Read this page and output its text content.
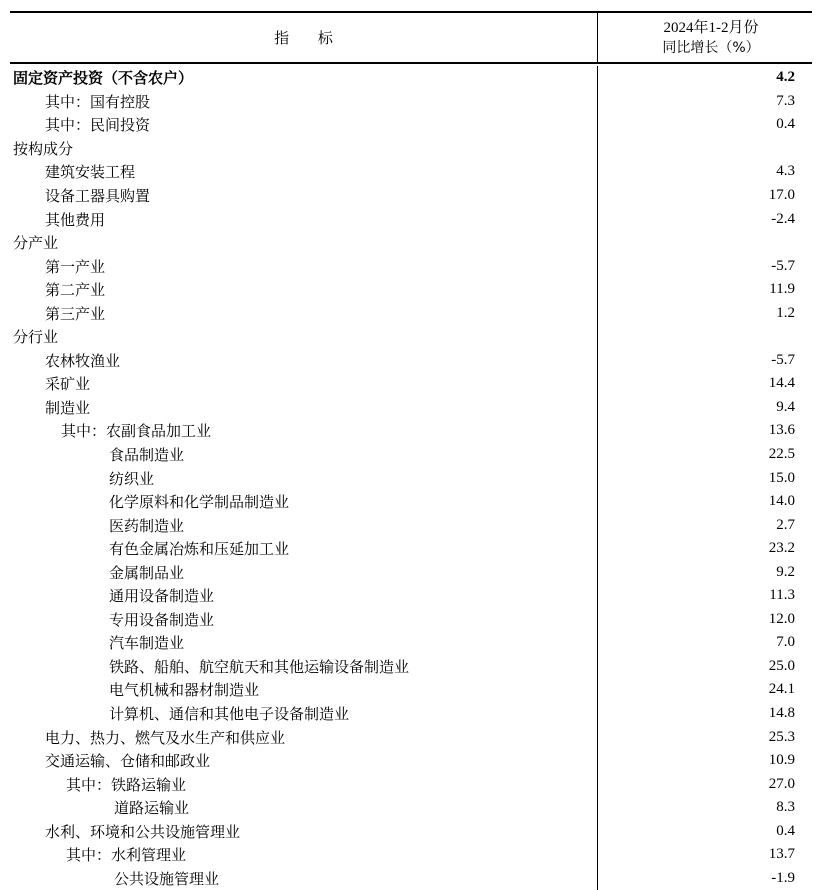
指 标
2024年1-2月份
同比增长（%）
固定资产投资（不含农户）	4.2
其中：国有控股	7.3
其中：民间投资	0.4
按构成分
建筑安装工程	4.3
设备工器具购置	17.0
其他费用	-2.4
分产业
第一产业	-5.7
第二产业	11.9
第三产业	1.2
分行业
农林牧渔业	-5.7
采矿业	14.4
制造业	9.4
其中：农副食品加工业	13.6
食品制造业	22.5
纺织业	15.0
化学原料和化学制品制造业	14.0
医药制造业	2.7
有色金属冶炼和压延加工业	23.2
金属制品业	9.2
通用设备制造业	11.3
专用设备制造业	12.0
汽车制造业	7.0
铁路、船舶、航空航天和其他运输设备制造业	25.0
电气机械和器材制造业	24.1
计算机、通信和其他电子设备制造业	14.8
电力、热力、燃气及水生产和供应业	25.3
交通运输、仓储和邮政业	10.9
其中：铁路运输业	27.0
道路运输业	8.3
水利、环境和公共设施管理业	0.4
其中：水利管理业	13.7
公共设施管理业	-1.9
